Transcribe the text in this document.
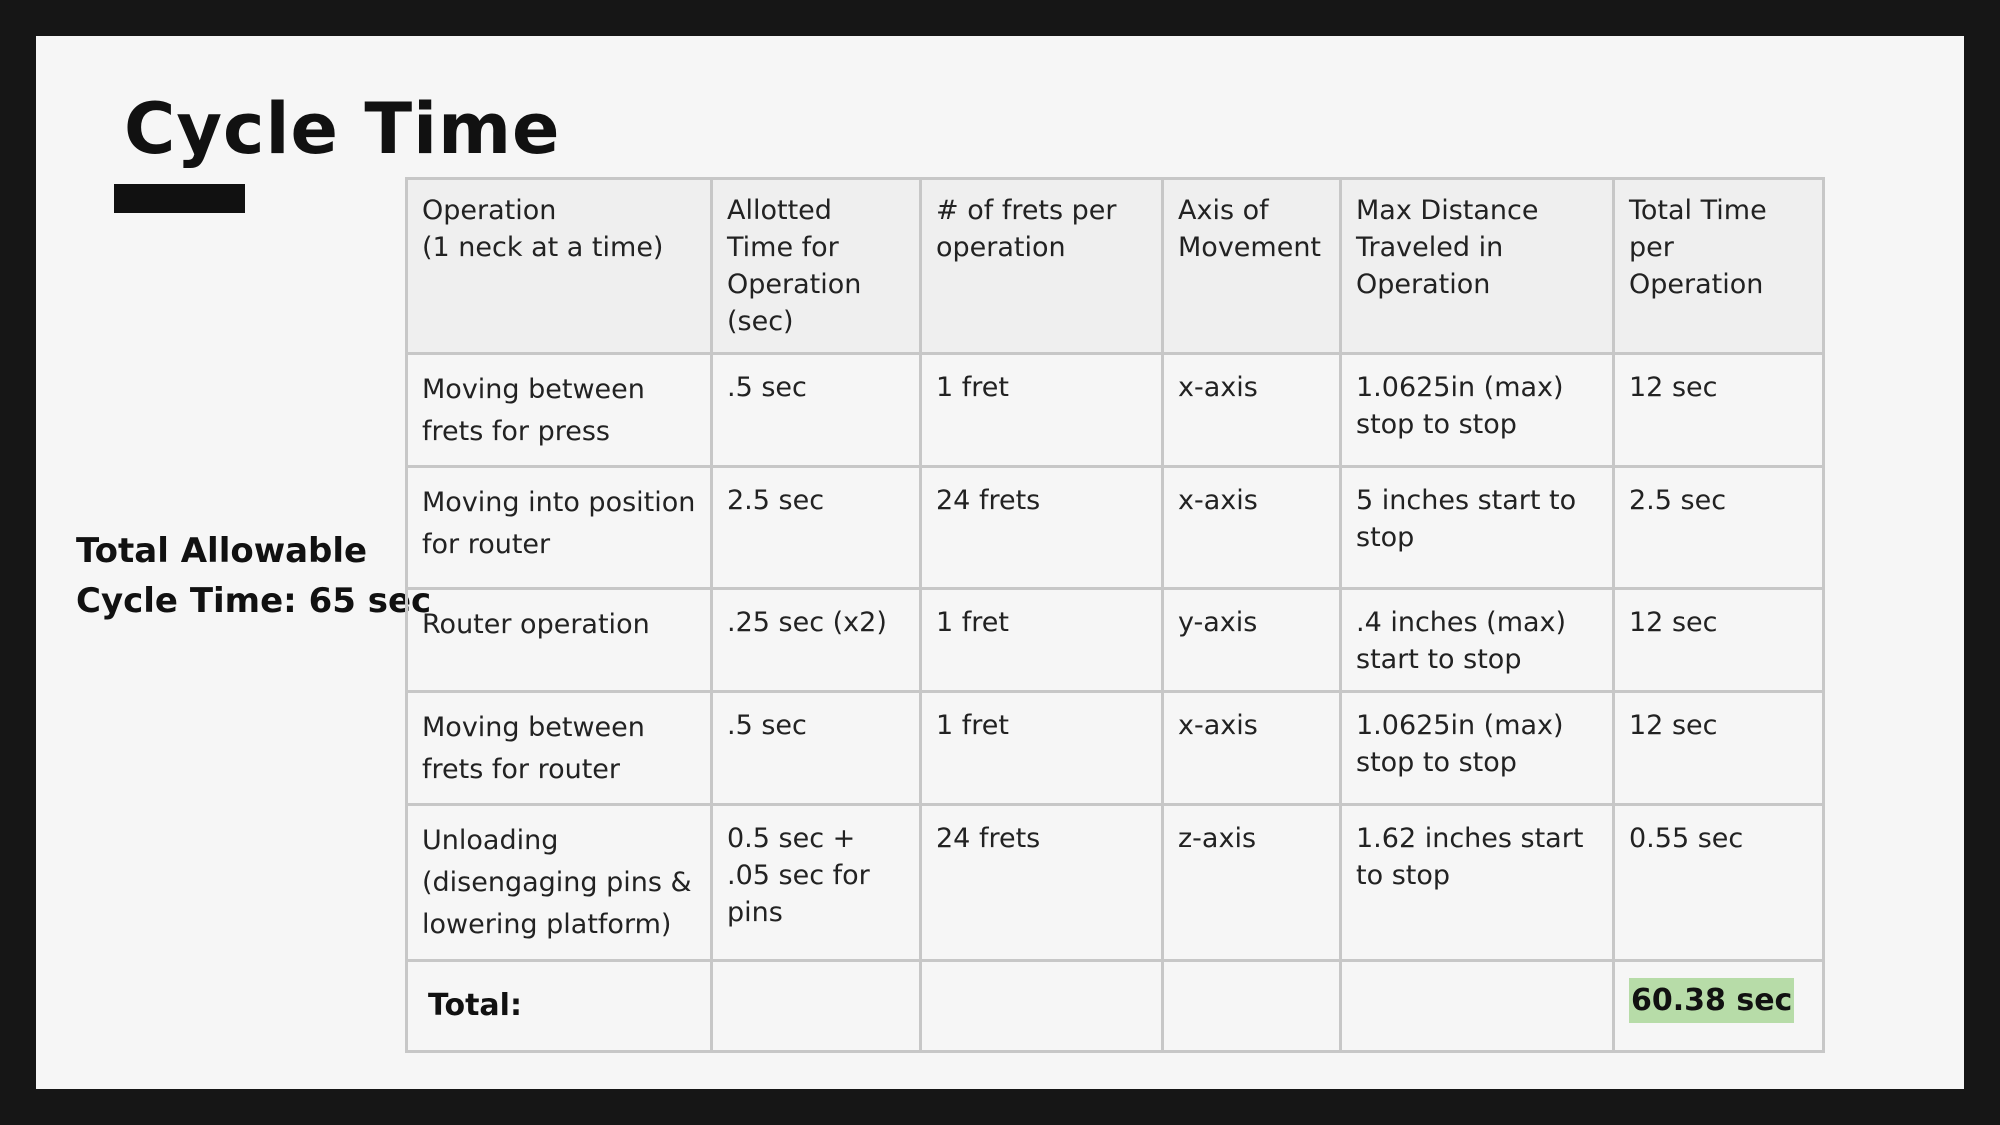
Cycle Time
Total Allowable
Cycle Time: 65 sec
Operation
(1 neck at a time)	Allotted Time for Operation (sec)	# of frets per operation	Axis of Movement	Max Distance Traveled in Operation	Total Time per Operation
Moving between frets for press	.5 sec	1 fret	x-axis	1.0625in (max) stop to stop	12 sec
Moving into position for router	2.5 sec	24 frets	x-axis	5 inches start to stop	2.5 sec
Router operation	.25 sec (x2)	1 fret	y-axis	.4 inches (max) start to stop	12 sec
Moving between frets for router	.5 sec	1 fret	x-axis	1.0625in (max) stop to stop	12 sec
Unloading (disengaging pins & lowering platform)	0.5 sec + .05 sec for pins	24 frets	z-axis	1.62 inches start to stop	0.55 sec
Total:					60.38 sec
